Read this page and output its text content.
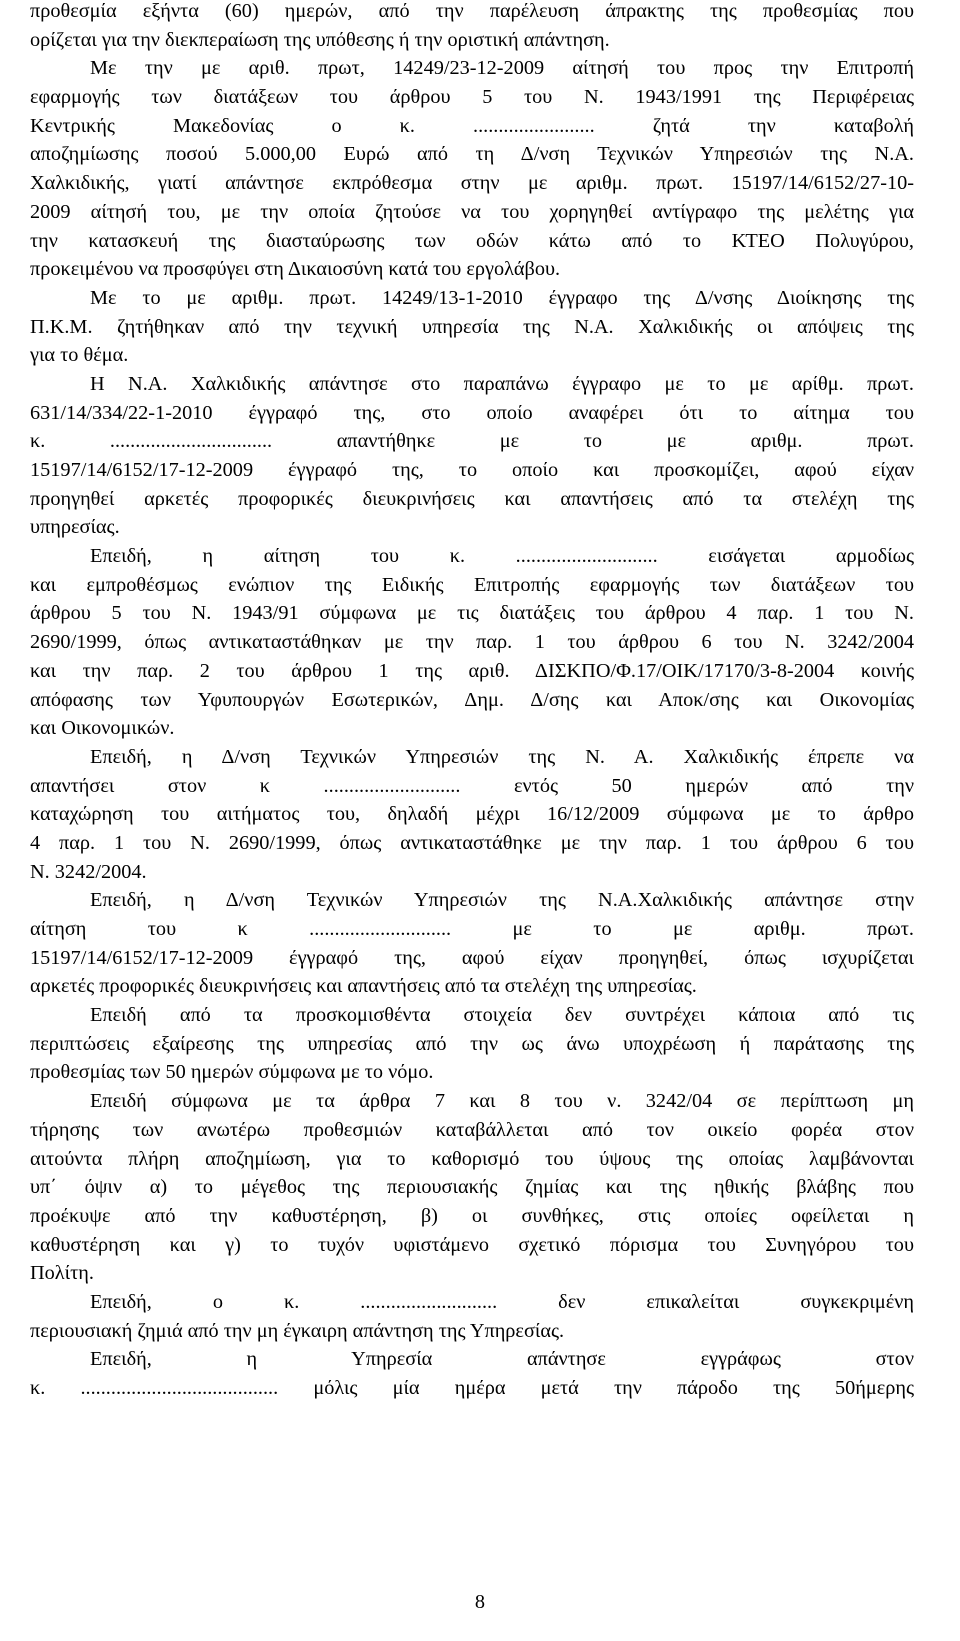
προθεσμία εξήντα (60) ημερών, από την παρέλευση άπρακτης της προθεσμίας που
ορίζεται για την διεκπεραίωση της υπόθεσης ή την οριστική απάντηση.
Με την με αριθ. πρωτ, 14249/23-12-2009 αίτησή του προς την Επιτροπή
εφαρμογής των διατάξεων του άρθρου 5 του Ν. 1943/1991 της Περιφέρειας
Κεντρικής Μακεδονίας ο κ. ........................ ζητά την καταβολή
αποζημίωσης ποσού 5.000,00 Ευρώ από τη Δ/νση Τεχνικών Υπηρεσιών της Ν.Α.
Χαλκιδικής, γιατί απάντησε εκπρόθεσμα στην με αριθμ. πρωτ. 15197/14/6152/27-10-
2009 αίτησή του, με την οποία ζητούσε να του χορηγηθεί αντίγραφο της μελέτης για
την κατασκευή της διασταύρωσης των οδών κάτω από το ΚΤΕΟ Πολυγύρου,
προκειμένου να προσφύγει στη Δικαιοσύνη κατά του εργολάβου.
Με το με αριθμ. πρωτ. 14249/13-1-2010 έγγραφο της Δ/νσης Διοίκησης της
Π.Κ.Μ. ζητήθηκαν από την τεχνική υπηρεσία της Ν.Α. Χαλκιδικής οι απόψεις της
για το θέμα.
Η Ν.Α. Χαλκιδικής απάντησε στο παραπάνω έγγραφο με το με αρίθμ. πρωτ.
631/14/334/22-1-2010 έγγραφό της, στο οποίο αναφέρει ότι το αίτημα του
κ. ................................ απαντήθηκε με το με αριθμ. πρωτ.
15197/14/6152/17-12-2009 έγγραφό της, το οποίο και προσκομίζει, αφού είχαν
προηγηθεί αρκετές προφορικές διευκρινήσεις και απαντήσεις από τα στελέχη της
υπηρεσίας.
Επειδή, η αίτηση του κ. ............................ εισάγεται αρμοδίως
και εμπροθέσμως ενώπιον της Ειδικής Επιτροπής εφαρμογής των διατάξεων του
άρθρου 5 του Ν. 1943/91 σύμφωνα με τις διατάξεις του άρθρου 4 παρ. 1 του Ν.
2690/1999, όπως αντικαταστάθηκαν με την παρ. 1 του άρθρου 6 του Ν. 3242/2004
και την παρ. 2 του άρθρου 1 της αριθ. ΔΙΣΚΠΟ/Φ.17/ΟΙΚ/17170/3-8-2004 κοινής
απόφασης των Υφυπουργών Εσωτερικών, Δημ. Δ/σης και Αποκ/σης και Οικονομίας
και Οικονομικών.
Επειδή, η Δ/νση Τεχνικών Υπηρεσιών της Ν. Α. Χαλκιδικής έπρεπε να
απαντήσει στον κ ........................... εντός 50 ημερών από την
καταχώρηση του αιτήματος του, δηλαδή μέχρι 16/12/2009 σύμφωνα με το άρθρο
4 παρ. 1 του Ν. 2690/1999, όπως αντικαταστάθηκε με την παρ. 1 του άρθρου 6 του
Ν. 3242/2004.
Επειδή, η Δ/νση Τεχνικών Υπηρεσιών της Ν.Α.Χαλκιδικής απάντησε στην
αίτηση του κ ............................ με το με αριθμ. πρωτ.
15197/14/6152/17-12-2009 έγγραφό της, αφού είχαν προηγηθεί, όπως ισχυρίζεται
αρκετές προφορικές διευκρινήσεις και απαντήσεις από τα στελέχη της υπηρεσίας.
Επειδή από τα προσκομισθέντα στοιχεία δεν συντρέχει κάποια από τις
περιπτώσεις εξαίρεσης της υπηρεσίας από την ως άνω υποχρέωση ή παράτασης της
προθεσμίας των 50 ημερών σύμφωνα με το νόμο.
Επειδή σύμφωνα με τα άρθρα 7 και 8 του ν. 3242/04 σε περίπτωση μη
τήρησης των ανωτέρω προθεσμιών καταβάλλεται από τον οικείο φορέα στον
αιτούντα πλήρη αποζημίωση, για το καθορισμό του ύψους της οποίας λαμβάνονται
υπ΄ όψιν α) το μέγεθος της περιουσιακής ζημίας και της ηθικής βλάβης που
προέκυψε από την καθυστέρηση, β) οι συνθήκες, στις οποίες οφείλεται η
καθυστέρηση και γ) το τυχόν υφιστάμενο σχετικό πόρισμα του Συνηγόρου του
Πολίτη.
Επειδή, ο κ. ........................... δεν επικαλείται συγκεκριμένη
περιουσιακή ζημιά από την μη έγκαιρη απάντηση της Υπηρεσίας.
Επειδή, η Υπηρεσία απάντησε εγγράφως στον
κ. ....................................... μόλις μία ημέρα μετά την πάροδο της 50ήμερης
8
